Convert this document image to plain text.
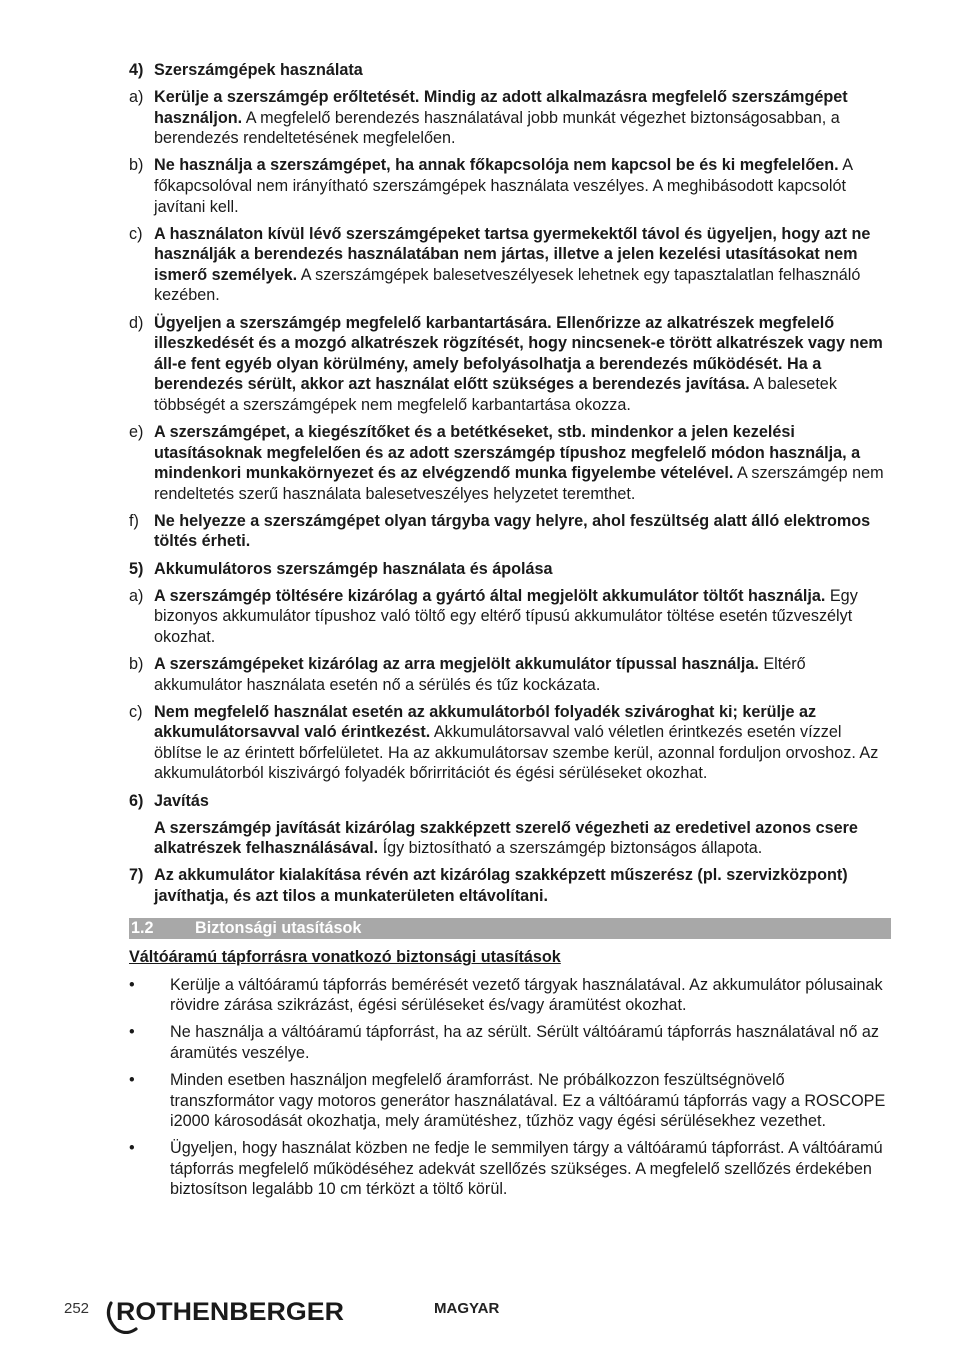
4) Szerszámgépek használata
a) Kerülje a szerszámgép erőltetését. Mindig az adott alkalmazásra megfelelő szerszámgépet használjon. A megfelelő berendezés használatával jobb munkát végezhet biztonságosabban, a berendezés rendeltetésének megfelelően.
b) Ne használja a szerszámgépet, ha annak főkapcsolója nem kapcsol be és ki megfelelően. A főkapcsolóval nem irányítható szerszámgépek használata veszélyes. A meghibásodott kapcsolót javítani kell.
c) A használaton kívül lévő szerszámgépeket tartsa gyermekektől távol és ügyeljen, hogy azt ne használják a berendezés használatában nem jártas, illetve a jelen kezelési utasításokat nem ismerő személyek. A szerszámgépek balesetveszélyesek lehetnek egy tapasztalatlan felhasználó kezében.
d) Ügyeljen a szerszámgép megfelelő karbantartására. Ellenőrizze az alkatrészek megfelelő illeszkedését és a mozgó alkatrészek rögzítését, hogy nincsenek-e törött alkatrészek vagy nem áll-e fent egyéb olyan körülmény, amely befolyásolhatja a berendezés működését. Ha a berendezés sérült, akkor azt használat előtt szükséges a berendezés javítása. A balesetek többségét a szerszámgépek nem megfelelő karbantartása okozza.
e) A szerszámgépet, a kiegészítőket és a betétkéseket, stb. mindenkor a jelen kezelési utasításoknak megfelelően és az adott szerszámgép típushoz megfelelő módon használja, a mindenkori munkakörnyezet és az elvégzendő munka figyelembe vételével. A szerszámgép nem rendeltetés szerű használata balesetveszélyes helyzetet teremthet.
f) Ne helyezze a szerszámgépet olyan tárgyba vagy helyre, ahol feszültség alatt álló elektromos töltés érheti.
5) Akkumulátoros szerszámgép használata és ápolása
a) A szerszámgép töltésére kizárólag a gyártó által megjelölt akkumulátor töltőt használja. Egy bizonyos akkumulátor típushoz való töltő egy eltérő típusú akkumulátor töltése esetén tűzveszélyt okozhat.
b) A szerszámgépeket kizárólag az arra megjelölt akkumulátor típussal használja. Eltérő akkumulátor használata esetén nő a sérülés és tűz kockázata.
c) Nem megfelelő használat esetén az akkumulátorból folyadék szivároghat ki; kerülje az akkumulátorsavval való érintkezést. Akkumulátorsavval való véletlen érintkezés esetén vízzel öblítse le az érintett bőrfelületet. Ha az akkumulátorsav szembe kerül, azonnal forduljon orvoshoz. Az akkumulátorból kiszivárgó folyadék bőrirritációt és égési sérüléseket okozhat.
6) Javítás
A szerszámgép javítását kizárólag szakképzett szerelő végezheti az eredetivel azonos csere alkatrészek felhasználásával. Így biztosítható a szerszámgép biztonságos állapota.
7) Az akkumulátor kialakítása révén azt kizárólag szakképzett műszerész (pl. szervizközpont) javíthatja, és azt tilos a munkaterületen eltávolítani.
1.2	Biztonsági utasítások
Váltóáramú tápforrásra vonatkozó biztonsági utasítások
•	Kerülje a váltóáramú tápforrás bemérését vezető tárgyak használatával. Az akkumulátor pólusainak rövidre zárása szikrázást, égési sérüléseket és/vagy áramütést okozhat.
•	Ne használja a váltóáramú tápforrást, ha az sérült. Sérült váltóáramú tápforrás használatával nő az áramütés veszélye.
•	Minden esetben használjon megfelelő áramforrást. Ne próbálkozzon feszültségnövelő transzformátor vagy motoros generátor használatával. Ez a váltóáramú tápforrás vagy a ROSCOPE i2000 károsodását okozhatja, mely áramütéshez, tűzhöz vagy égési sérülésekhez vezethet.
•	Ügyeljen, hogy használat közben ne fedje le semmilyen tárgy a váltóáramú tápforrást. A váltóáramú tápforrás megfelelő működéséhez adekvát szellőzés szükséges. A megfelelő szellőzés érdekében biztosítson legalább 10 cm térközt a töltő körül.
252 ROTHENBERGER	MAGYAR
